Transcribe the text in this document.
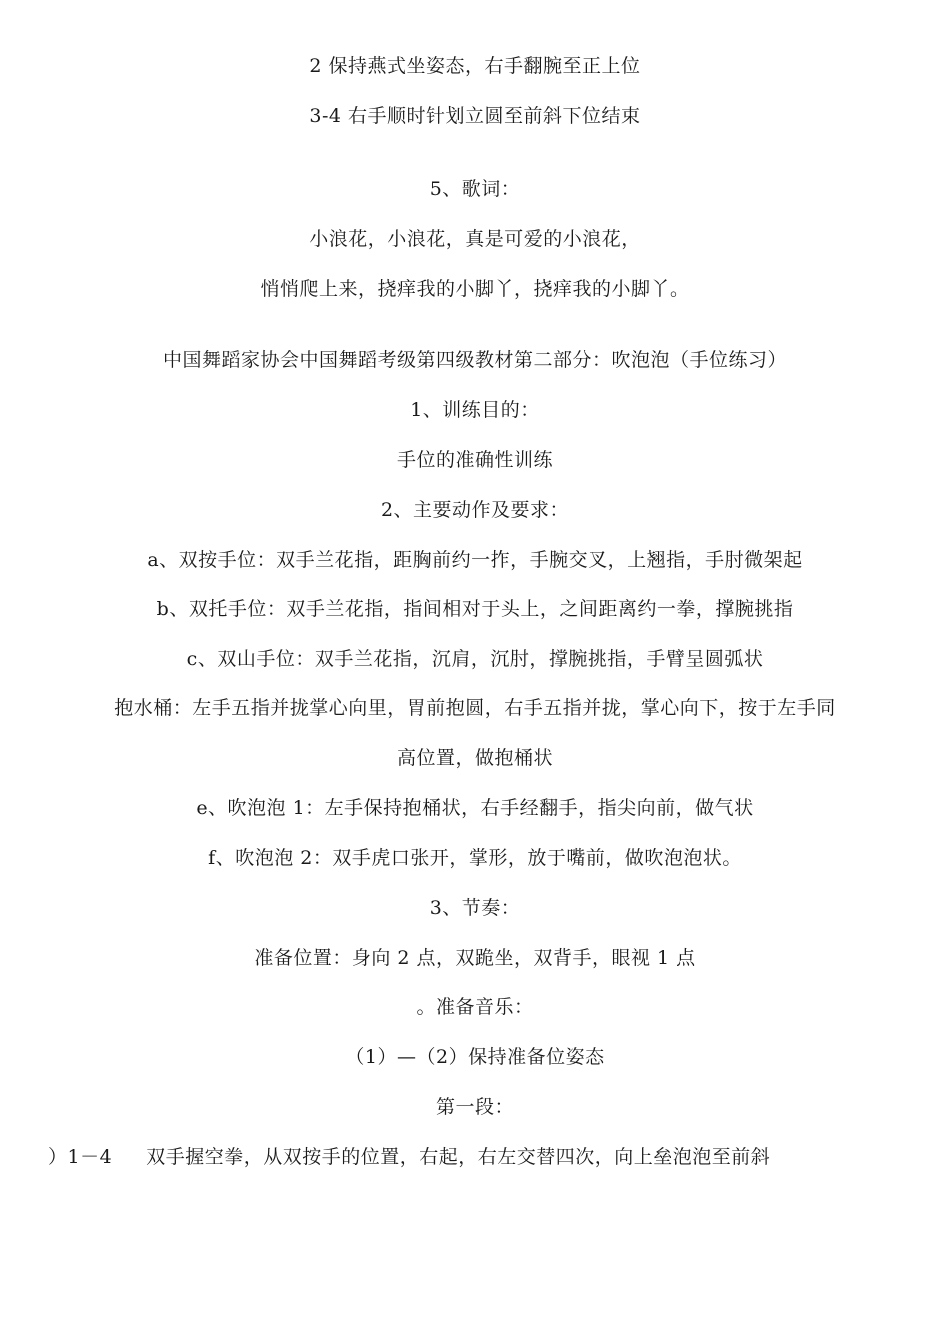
2 保持燕式坐姿态，右手翻腕至正上位
3-4 右手顺时针划立圆至前斜下位结束
5、歌词：
小浪花，小浪花，真是可爱的小浪花，
悄悄爬上来，挠痒我的小脚丫，挠痒我的小脚丫。
中国舞蹈家协会中国舞蹈考级第四级教材第二部分：吹泡泡（手位练习）
1、训练目的：
手位的准确性训练
2、主要动作及要求：
a、双按手位：双手兰花指，距胸前约一拃，手腕交叉，上翘指，手肘微架起
b、双托手位：双手兰花指，指间相对于头上，之间距离约一拳，撑腕挑指
c、双山手位：双手兰花指，沉肩，沉肘，撑腕挑指，手臂呈圆弧状
抱水桶：左手五指并拢掌心向里，胃前抱圆，右手五指并拢，掌心向下，按于左手同
高位置，做抱桶状
e、吹泡泡 1：左手保持抱桶状，右手经翻手，指尖向前，做气状
f、吹泡泡 2：双手虎口张开，掌形，放于嘴前，做吹泡泡状。
3、节奏：
准备位置：身向 2 点，双跪坐，双背手，眼视 1 点
。准备音乐：
（1）—（2）保持准备位姿态
第一段：
）1－4 双手握空拳，从双按手的位置，右起，右左交替四次，向上垒泡泡至前斜
